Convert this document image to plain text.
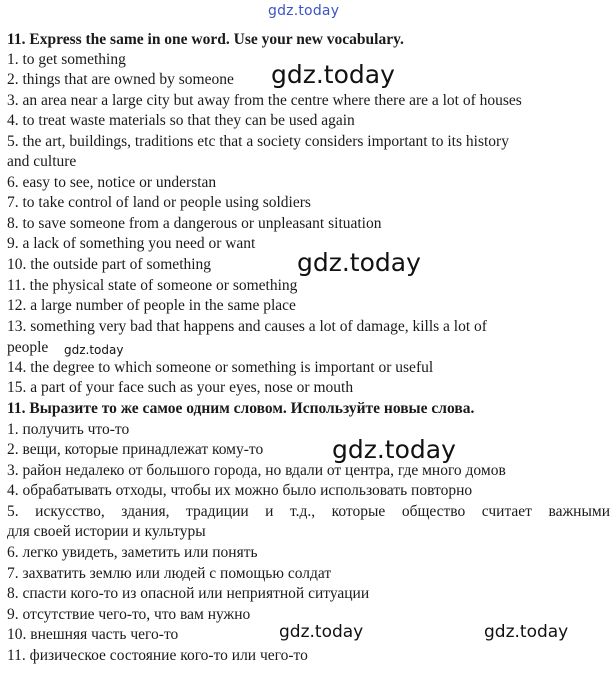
gdz.today
11. Express the same in one word. Use your new vocabulary.
1. to get something
2. things that are owned by someone
3. an area near a large city but away from the centre where there are a lot of houses
4. to treat waste materials so that they can be used again
5. the art, buildings, traditions etc that a society considers important to its history
and culture
6. easy to see, notice or understan
7. to take control of land or people using soldiers
8. to save someone from a dangerous or unpleasant situation
9. a lack of something you need or want
10. the outside part of something
11. the physical state of someone or something
12. a large number of people in the same place
13. something very bad that happens and causes a lot of damage, kills a lot of
people
14. the degree to which someone or something is important or useful
15. a part of your face such as your eyes, nose or mouth
11. Выразите то же самое одним словом. Используйте новые слова.
1. получить что-то
2. вещи, которые принадлежат кому-то
3. район недалеко от большого города, но вдали от центра, где много домов
4. обрабатывать отходы, чтобы их можно было использовать повторно
5. искусство, здания, традиции и т.д., которые общество считает важными
для своей истории и культуры
6. легко увидеть, заметить или понять
7. захватить землю или людей с помощью солдат
8. спасти кого-то из опасной или неприятной ситуации
9. отсутствие чего-то, что вам нужно
10. внешняя часть чего-то
11. физическое состояние кого-то или чего-то
gdz.today
gdz.today
gdz.today
gdz.today
gdz.today	gdz.today
